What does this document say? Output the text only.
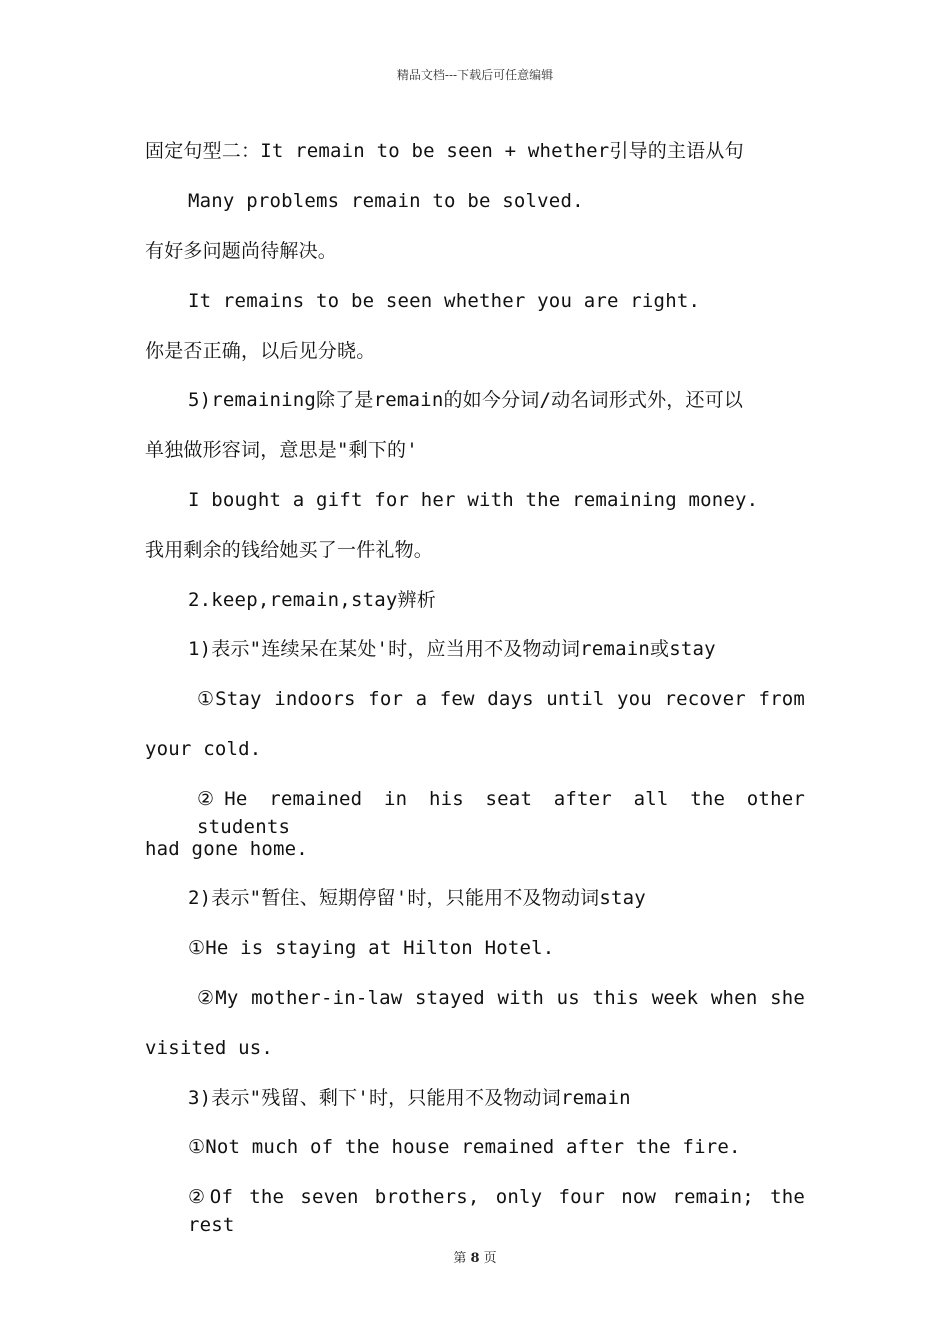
精品文档---下载后可任意编辑
固定句型二：It remain to be seen + whether引导的主语从句
Many problems remain to be solved.
有好多问题尚待解决。
It remains to be seen whether you are right.
你是否正确，以后见分晓。
5)remaining除了是remain的如今分词/动名词形式外，还可以
单独做形容词，意思是"剩下的'
I bought a gift for her with the remaining money.
我用剩余的钱给她买了一件礼物。
2.keep,remain,stay辨析
1)表示"连续呆在某处'时，应当用不及物动词remain或stay
①Stay indoors for a few days until you recover from
your cold.
②He remained in his seat after all the other students
had gone home.
2)表示"暂住、短期停留'时，只能用不及物动词stay
①He is staying at Hilton Hotel.
②My mother-in-law stayed with us this week when she
visited us.
3)表示"残留、剩下'时，只能用不及物动词remain
①Not much of the house remained after the fire.
②Of the seven brothers, only four now remain; the rest
第 8 页
